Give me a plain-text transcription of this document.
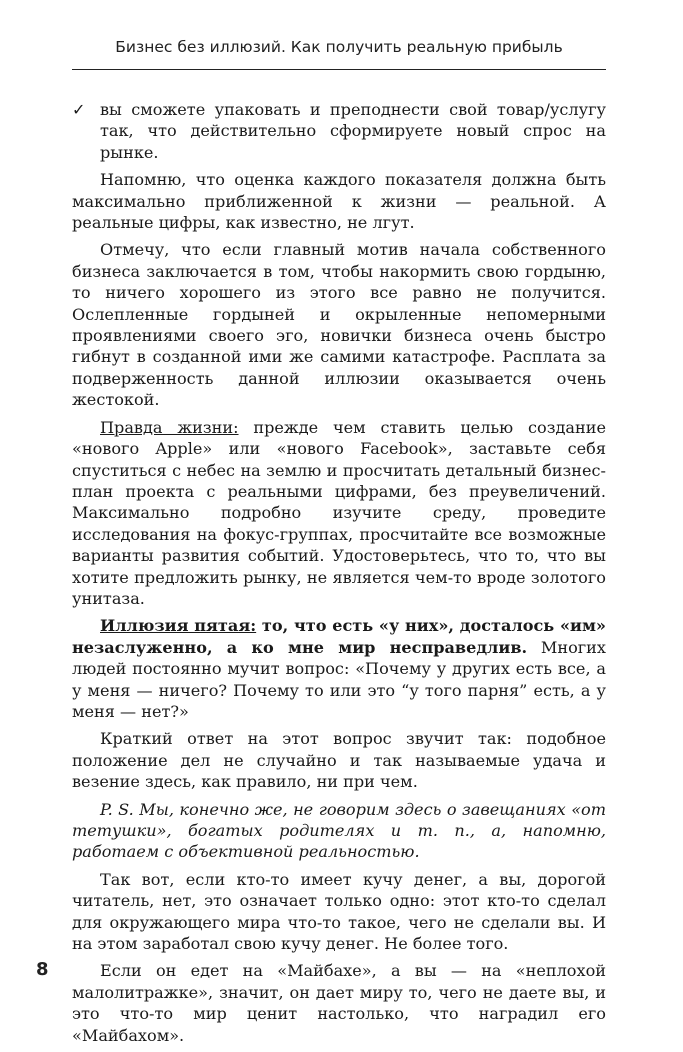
Бизнес без иллюзий. Как получить реальную прибыль
✓ вы сможете упаковать и преподнести свой товар/услугу так, что действительно сформируете новый спрос на рынке.

Напомню, что оценка каждого показателя должна быть максимально приближенной к жизни — реальной. А реальные цифры, как известно, не лгут.

Отмечу, что если главный мотив начала собственного бизнеса заключается в том, чтобы накормить свою гордыню, то ничего хорошего из этого все равно не получится. Ослепленные гордыней и окрыленные непомерными проявлениями своего эго, новички бизнеса очень быстро гибнут в созданной ими же самими катастрофе. Расплата за подверженность данной иллюзии оказывается очень жестокой.

Правда жизни: прежде чем ставить целью создание «нового Apple» или «нового Facebook», заставьте себя спуститься с небес на землю и просчитать детальный бизнес-план проекта с реальными цифрами, без преувеличений. Максимально подробно изучите среду, проведите исследования на фокус-группах, просчитайте все возможные варианты развития событий. Удостоверьтесь, что то, что вы хотите предложить рынку, не является чем-то вроде золотого унитаза.

Иллюзия пятая: то, что есть «у них», досталось «им» незаслуженно, а ко мне мир несправедлив. Многих людей постоянно мучит вопрос: «Почему у других есть все, а у меня — ничего? Почему то или это “у того парня” есть, а у меня — нет?»

Краткий ответ на этот вопрос звучит так: подобное положение дел не случайно и так называемые удача и везение здесь, как правило, ни при чем.

P. S. Мы, конечно же, не говорим здесь о завещаниях «от тетушки», богатых родителях и т. п., а, напомню, работаем с объективной реальностью.

Так вот, если кто-то имеет кучу денег, а вы, дорогой читатель, нет, это означает только одно: этот кто-то сделал для окружающего мира что-то такое, чего не сделали вы. И на этом заработал свою кучу денег. Не более того.

Если он едет на «Майбахе», а вы — на «неплохой малолитражке», значит, он дает миру то, чего не даете вы, и это что-то мир ценит настолько, что наградил его «Майбахом».

8
